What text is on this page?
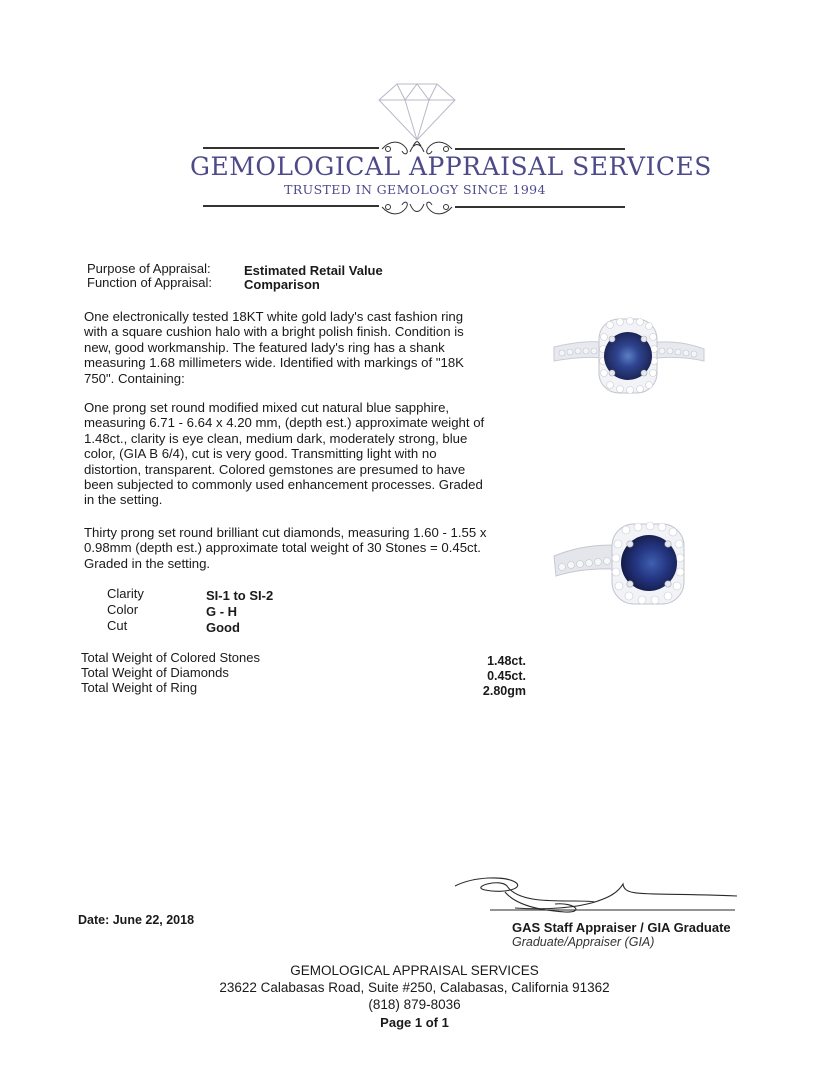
GEMOLOGICAL APPRAISAL SERVICES
TRUSTED IN GEMOLOGY SINCE 1994
Purpose of Appraisal:	Estimated Retail Value
Function of Appraisal: Comparison
One electronically tested 18KT white gold lady's cast fashion ring with a square cushion halo with a bright polish finish. Condition is new, good workmanship. The featured lady's ring has a shank measuring 1.68 millimeters wide. Identified with markings of "18K 750". Containing:
One prong set round modified mixed cut natural blue sapphire, measuring 6.71 - 6.64 x 4.20 mm, (depth est.) approximate weight of 1.48ct., clarity is eye clean, medium dark, moderately strong, blue color, (GIA B 6/4), cut is very good. Transmitting light with no distortion, transparent. Colored gemstones are presumed to have been subjected to commonly used enhancement processes. Graded in the setting.
Thirty prong set round brilliant cut diamonds, measuring 1.60 - 1.55 x 0.98mm (depth est.) approximate total weight of 30 Stones = 0.45ct. Graded in the setting.
Clarity	SI-1 to SI-2
Color	G - H
Cut	Good
Total Weight of Colored Stones	1.48ct.
Total Weight of Diamonds	0.45ct.
Total Weight of Ring	2.80gm
Date: June 22, 2018	GAS Staff Appraiser / GIA Graduate
Graduate/Appraiser (GIA)
GEMOLOGICAL APPRAISAL SERVICES
23622 Calabasas Road, Suite #250, Calabasas, California 91362
(818) 879-8036
Page 1 of 1
